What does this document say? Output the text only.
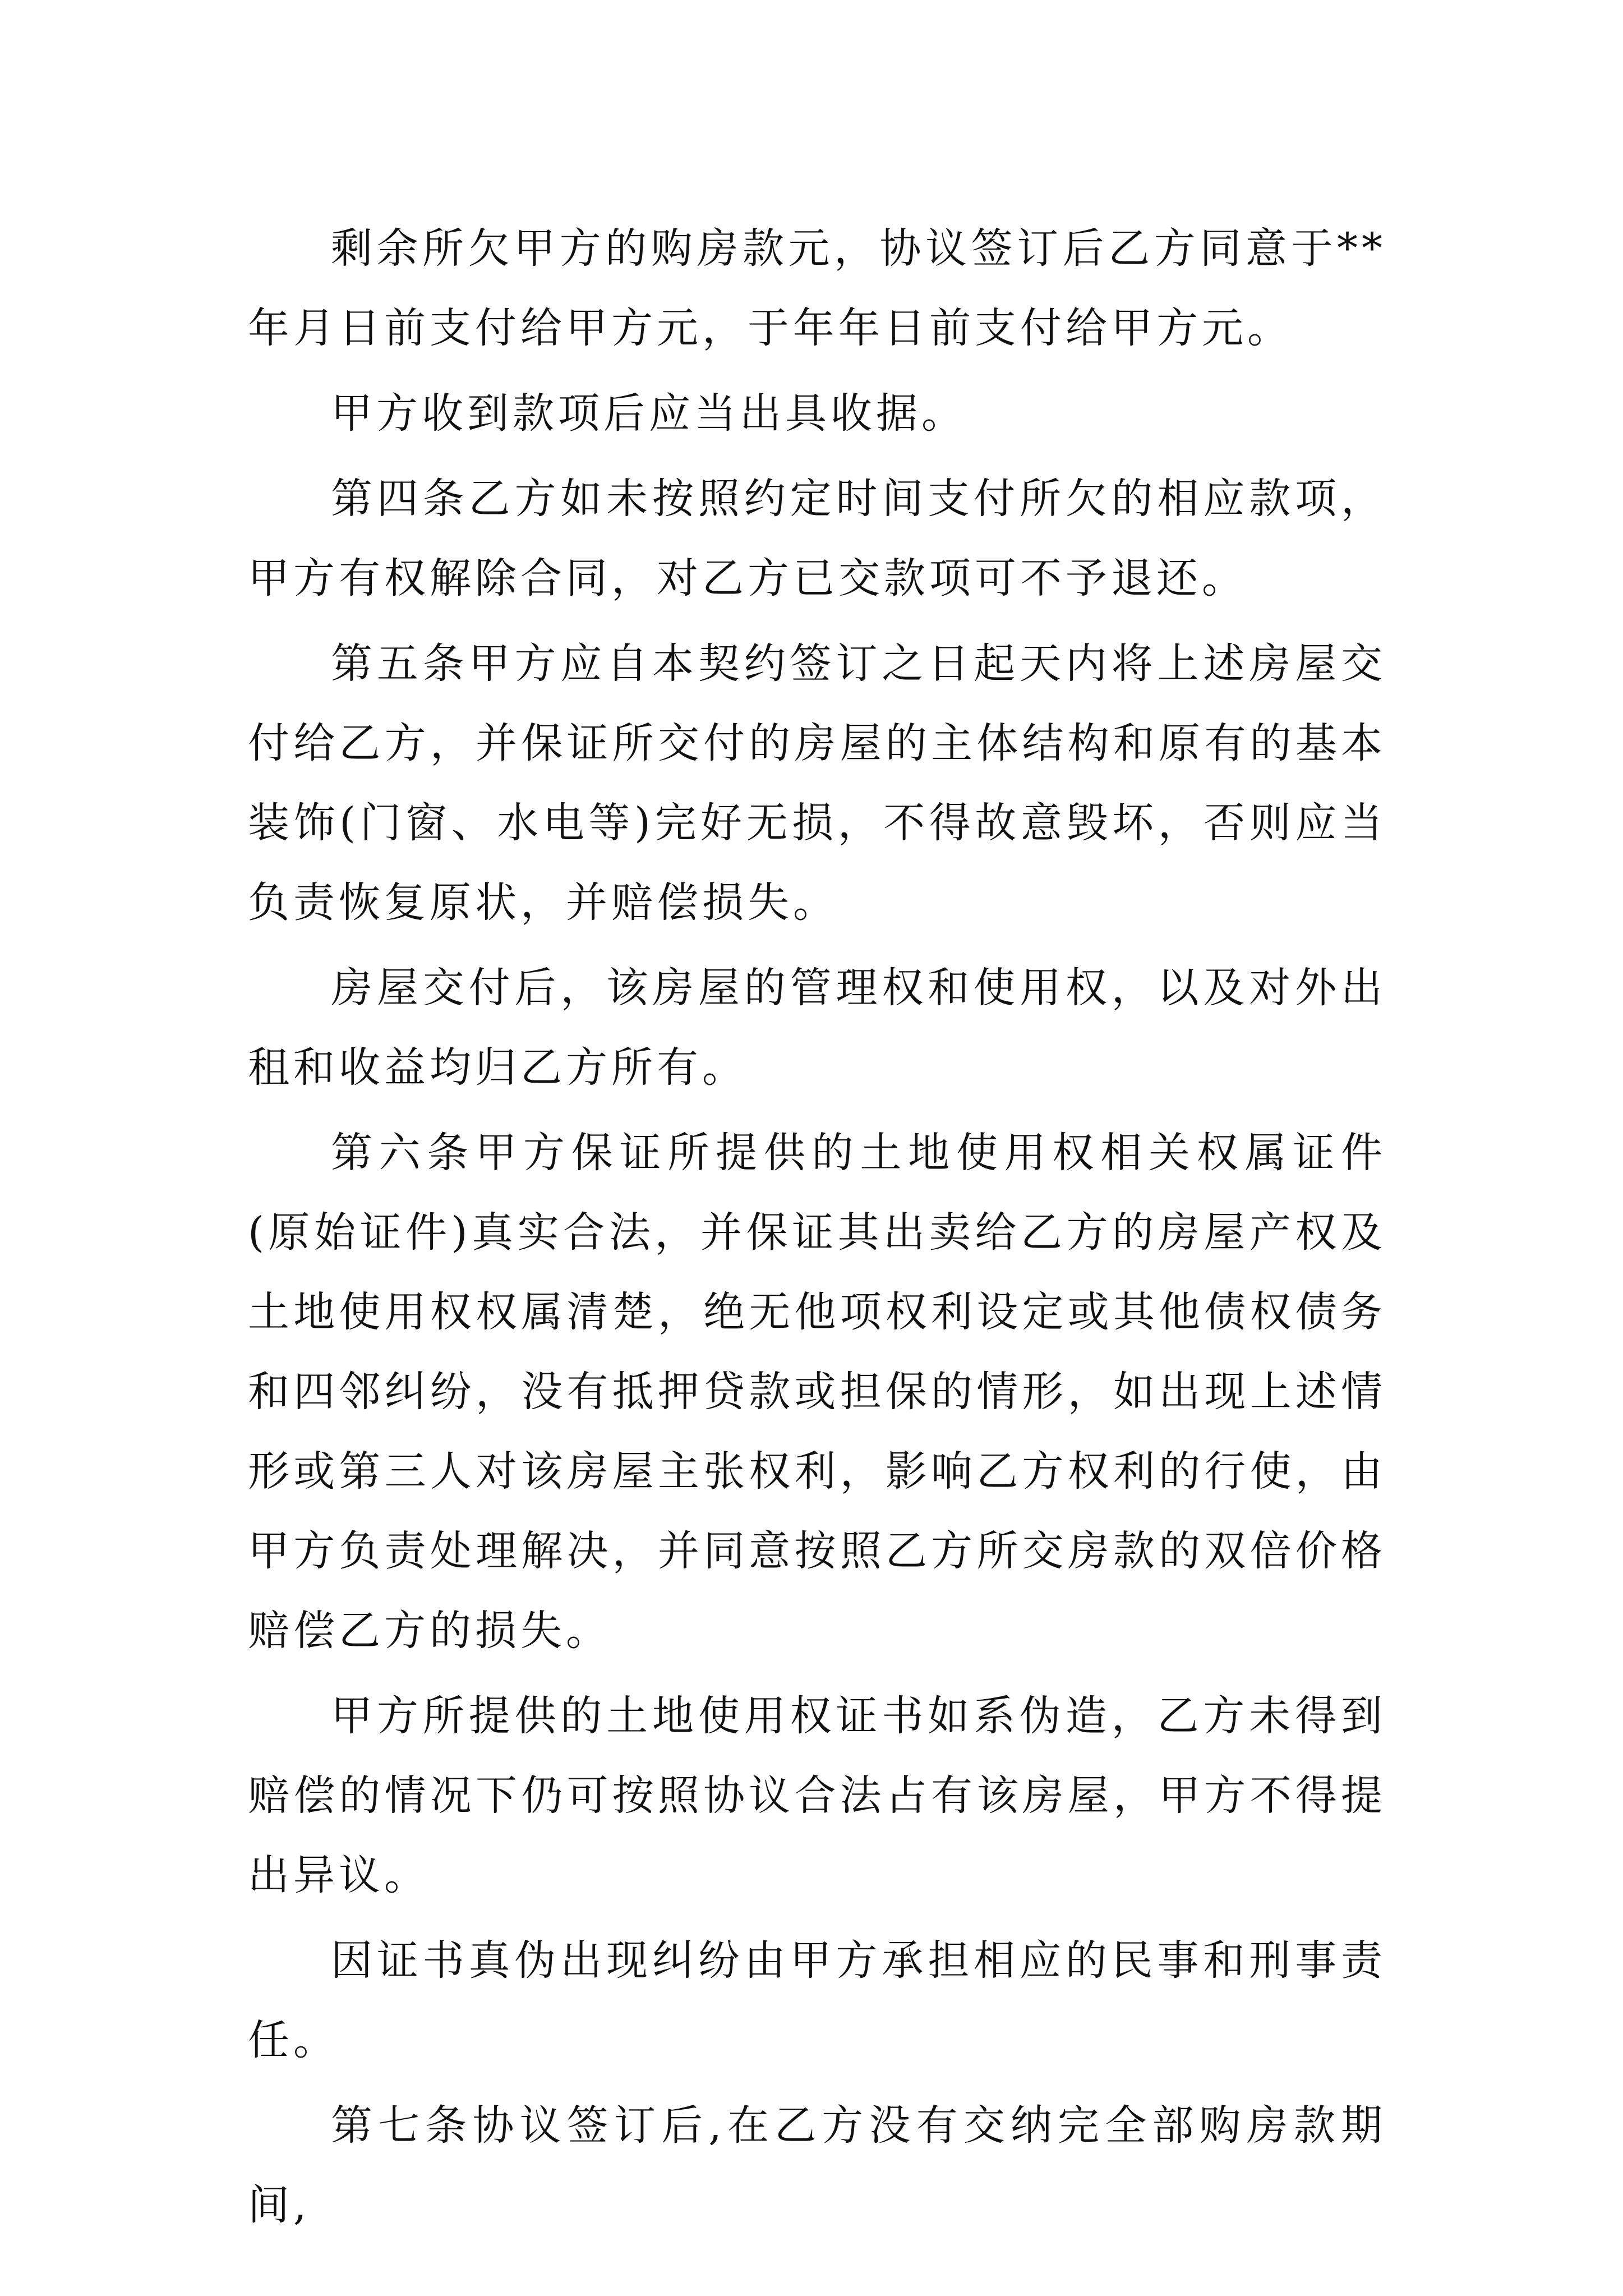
剩余所欠甲方的购房款元，协议签订后乙方同意于**年月日前支付给甲方元，于年年日前支付给甲方元。

甲方收到款项后应当出具收据。

第四条乙方如未按照约定时间支付所欠的相应款项，甲方有权解除合同，对乙方已交款项可不予退还。

第五条甲方应自本契约签订之日起天内将上述房屋交付给乙方，并保证所交付的房屋的主体结构和原有的基本装饰(门窗、水电等)完好无损，不得故意毁坏，否则应当负责恢复原状，并赔偿损失。

房屋交付后，该房屋的管理权和使用权，以及对外出租和收益均归乙方所有。

第六条甲方保证所提供的土地使用权相关权属证件(原始证件)真实合法，并保证其出卖给乙方的房屋产权及土地使用权权属清楚，绝无他项权利设定或其他债权债务和四邻纠纷，没有抵押贷款或担保的情形，如出现上述情形或第三人对该房屋主张权利，影响乙方权利的行使，由甲方负责处理解决，并同意按照乙方所交房款的双倍价格赔偿乙方的损失。

甲方所提供的土地使用权证书如系伪造，乙方未得到赔偿的情况下仍可按照协议合法占有该房屋，甲方不得提出异议。

因证书真伪出现纠纷由甲方承担相应的民事和刑事责任。

第七条协议签订后,在乙方没有交纳完全部购房款期间,
